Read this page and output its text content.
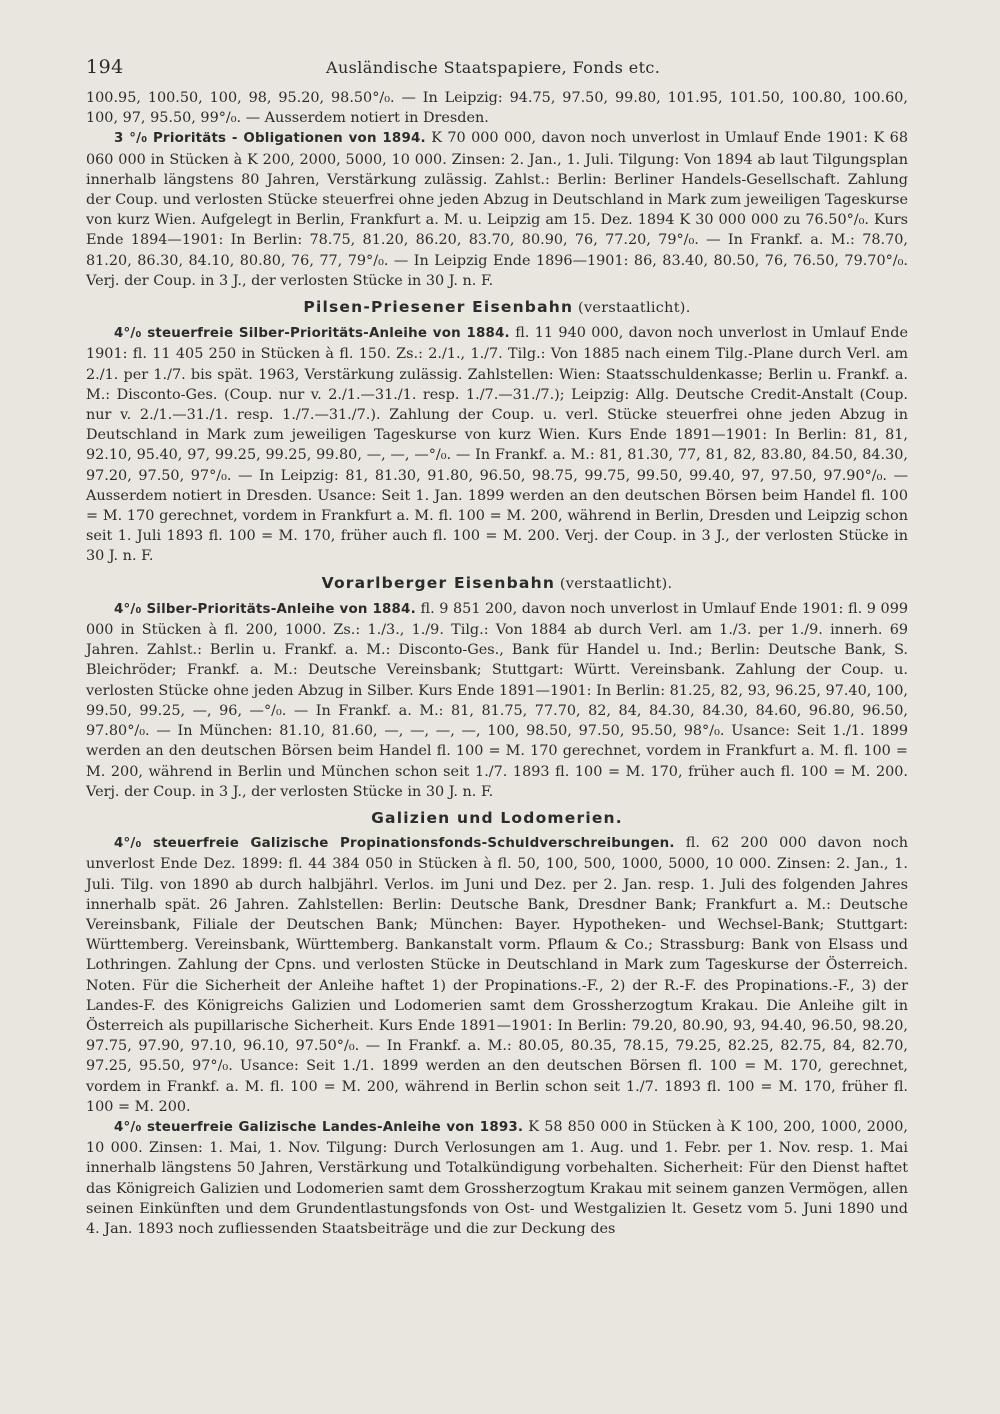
194	Ausländische Staatspapiere, Fonds etc.

100.95, 100.50, 100, 98, 95.20, 98.50°/₀. — In Leipzig: 94.75, 97.50, 99.80, 101.95, 101.50, 100.80, 100.60, 100, 97, 95.50, 99°/₀. — Ausserdem notiert in Dresden.

3 °/₀ Prioritäts - Obligationen von 1894. K 70 000 000, davon noch unverlost in Umlauf Ende 1901: K 68 060 000 in Stücken à K 200, 2000, 5000, 10 000. Zinsen: 2. Jan., 1. Juli. Tilgung: Von 1894 ab laut Tilgungsplan innerhalb längstens 80 Jahren, Verstärkung zulässig. Zahlst.: Berlin: Berliner Handels-Gesellschaft. Zahlung der Coup. und verlosten Stücke steuerfrei ohne jeden Abzug in Deutschland in Mark zum jeweiligen Tageskurse von kurz Wien. Aufgelegt in Berlin, Frankfurt a. M. u. Leipzig am 15. Dez. 1894 K 30 000 000 zu 76.50°/₀. Kurs Ende 1894—1901: In Berlin: 78.75, 81.20, 86.20, 83.70, 80.90, 76, 77.20, 79°/₀. — In Frankf. a. M.: 78.70, 81.20, 86.30, 84.10, 80.80, 76, 77, 79°/₀. — In Leipzig Ende 1896—1901: 86, 83.40, 80.50, 76, 76.50, 79.70°/₀. Verj. der Coup. in 3 J., der verlosten Stücke in 30 J. n. F.

Pilsen-Priesener Eisenbahn (verstaatlicht).

4°/₀ steuerfreie Silber-Prioritäts-Anleihe von 1884. fl. 11 940 000, davon noch unverlost in Umlauf Ende 1901: fl. 11 405 250 in Stücken à fl. 150. Zs.: 2./1., 1./7. Tilg.: Von 1885 nach einem Tilg.-Plane durch Verl. am 2./1. per 1./7. bis spät. 1963, Verstärkung zulässig. Zahlstellen: Wien: Staatsschuldenkasse; Berlin u. Frankf. a. M.: Disconto-Ges. (Coup. nur v. 2./1.—31./1. resp. 1./7.—31./7.); Leipzig: Allg. Deutsche Credit-Anstalt (Coup. nur v. 2./1.—31./1. resp. 1./7.—31./7.). Zahlung der Coup. u. verl. Stücke steuerfrei ohne jeden Abzug in Deutschland in Mark zum jeweiligen Tageskurse von kurz Wien. Kurs Ende 1891—1901: In Berlin: 81, 81, 92.10, 95.40, 97, 99.25, 99.25, 99.80, —, —, —°/₀. — In Frankf. a. M.: 81, 81.30, 77, 81, 82, 83.80, 84.50, 84.30, 97.20, 97.50, 97°/₀. — In Leipzig: 81, 81.30, 91.80, 96.50, 98.75, 99.75, 99.50, 99.40, 97, 97.50, 97.90°/₀. — Ausserdem notiert in Dresden. Usance: Seit 1. Jan. 1899 werden an den deutschen Börsen beim Handel fl. 100 = M. 170 gerechnet, vordem in Frankfurt a. M. fl. 100 = M. 200, während in Berlin, Dresden und Leipzig schon seit 1. Juli 1893 fl. 100 = M. 170, früher auch fl. 100 = M. 200. Verj. der Coup. in 3 J., der verlosten Stücke in 30 J. n. F.

Vorarlberger Eisenbahn (verstaatlicht).

4°/₀ Silber-Prioritäts-Anleihe von 1884. fl. 9 851 200, davon noch unverlost in Umlauf Ende 1901: fl. 9 099 000 in Stücken à fl. 200, 1000. Zs.: 1./3., 1./9. Tilg.: Von 1884 ab durch Verl. am 1./3. per 1./9. innerh. 69 Jahren. Zahlst.: Berlin u. Frankf. a. M.: Disconto-Ges., Bank für Handel u. Ind.; Berlin: Deutsche Bank, S. Bleichröder; Frankf. a. M.: Deutsche Vereinsbank; Stuttgart: Württ. Vereinsbank. Zahlung der Coup. u. verlosten Stücke ohne jeden Abzug in Silber. Kurs Ende 1891—1901: In Berlin: 81.25, 82, 93, 96.25, 97.40, 100, 99.50, 99.25, —, 96, —°/₀. — In Frankf. a. M.: 81, 81.75, 77.70, 82, 84, 84.30, 84.30, 84.60, 96.80, 96.50, 97.80°/₀. — In München: 81.10, 81.60, —, —, —, —, 100, 98.50, 97.50, 95.50, 98°/₀. Usance: Seit 1./1. 1899 werden an den deutschen Börsen beim Handel fl. 100 = M. 170 gerechnet, vordem in Frankfurt a. M. fl. 100 = M. 200, während in Berlin und München schon seit 1./7. 1893 fl. 100 = M. 170, früher auch fl. 100 = M. 200. Verj. der Coup. in 3 J., der verlosten Stücke in 30 J. n. F.

Galizien und Lodomerien.

4°/₀ steuerfreie Galizische Propinationsfonds-Schuldverschreibungen. fl. 62 200 000 davon noch unverlost Ende Dez. 1899: fl. 44 384 050 in Stücken à fl. 50, 100, 500, 1000, 5000, 10 000. Zinsen: 2. Jan., 1. Juli. Tilg. von 1890 ab durch halbjährl. Verlos. im Juni und Dez. per 2. Jan. resp. 1. Juli des folgenden Jahres innerhalb spät. 26 Jahren. Zahlstellen: Berlin: Deutsche Bank, Dresdner Bank; Frankfurt a. M.: Deutsche Vereinsbank, Filiale der Deutschen Bank; München: Bayer. Hypotheken- und Wechsel-Bank; Stuttgart: Württemberg. Vereinsbank, Württemberg. Bankanstalt vorm. Pflaum & Co.; Strassburg: Bank von Elsass und Lothringen. Zahlung der Cpns. und verlosten Stücke in Deutschland in Mark zum Tageskurse der Österreich. Noten. Für die Sicherheit der Anleihe haftet 1) der Propinations.-F., 2) der R.-F. des Propinations.-F., 3) der Landes-F. des Königreichs Galizien und Lodomerien samt dem Grossherzogtum Krakau. Die Anleihe gilt in Österreich als pupillarische Sicherheit. Kurs Ende 1891—1901: In Berlin: 79.20, 80.90, 93, 94.40, 96.50, 98.20, 97.75, 97.90, 97.10, 96.10, 97.50°/₀. — In Frankf. a. M.: 80.05, 80.35, 78.15, 79.25, 82.25, 82.75, 84, 82.70, 97.25, 95.50, 97°/₀. Usance: Seit 1./1. 1899 werden an den deutschen Börsen fl. 100 = M. 170, gerechnet, vordem in Frankf. a. M. fl. 100 = M. 200, während in Berlin schon seit 1./7. 1893 fl. 100 = M. 170, früher fl. 100 = M. 200.

4°/₀ steuerfreie Galizische Landes-Anleihe von 1893. K 58 850 000 in Stücken à K 100, 200, 1000, 2000, 10 000. Zinsen: 1. Mai, 1. Nov. Tilgung: Durch Verlosungen am 1. Aug. und 1. Febr. per 1. Nov. resp. 1. Mai innerhalb längstens 50 Jahren, Verstärkung und Totalkündigung vorbehalten. Sicherheit: Für den Dienst haftet das Königreich Galizien und Lodomerien samt dem Grossherzogtum Krakau mit seinem ganzen Vermögen, allen seinen Einkünften und dem Grundentlastungsfonds von Ost- und Westgalizien lt. Gesetz vom 5. Juni 1890 und 4. Jan. 1893 noch zufliessenden Staatsbeiträge und die zur Deckung des
